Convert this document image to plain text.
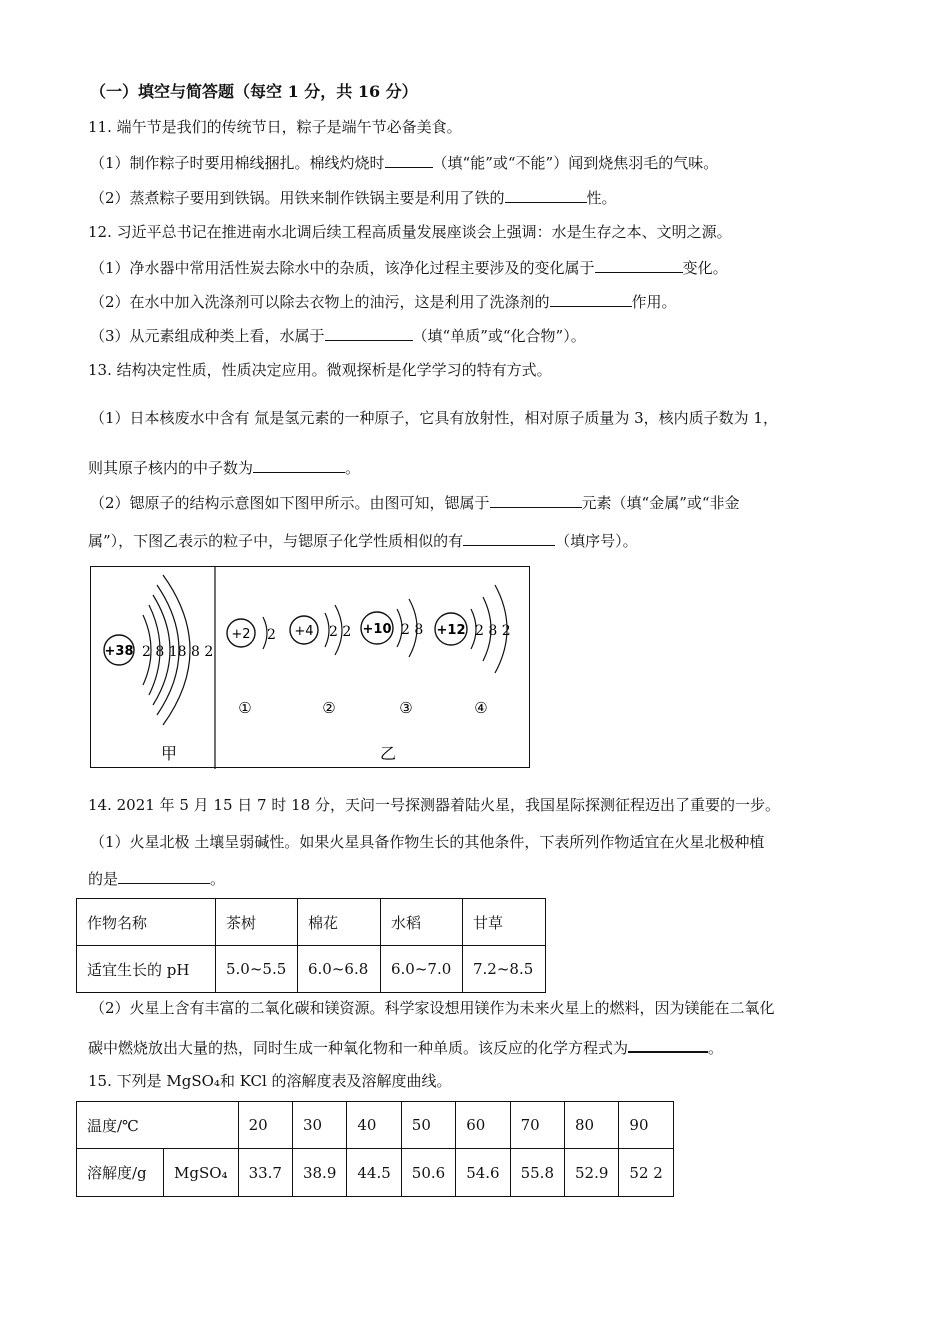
（一）填空与简答题（每空 1 分，共 16 分）
11. 端午节是我们的传统节日，粽子是端午节必备美食。
（1）制作粽子时要用棉线捆扎。棉线灼烧时	（填“能”或“不能”）闻到烧焦羽毛的气味。
（2）蒸煮粽子要用到铁锅。用铁来制作铁锅主要是利用了铁的	性。
12. 习近平总书记在推进南水北调后续工程高质量发展座谈会上强调：水是生存之本、文明之源。
（1）净水器中常用活性炭去除水中的杂质，该净化过程主要涉及的变化属于	变化。
（2）在水中加入洗涤剂可以除去衣物上的油污，这是利用了洗涤剂的	作用。
（3）从元素组成种类上看，水属于	（填“单质”或“化合物”）。
13. 结构决定性质，性质决定应用。微观探析是化学学习的特有方式。
（1）日本核废水中含有 氚是氢元素的一种原子，它具有放射性，相对原子质量为 3，核内质子数为 1，
则其原子核内的中子数为	。
（2）锶原子的结构示意图如下图甲所示。由图可知，锶属于	元素（填“金属”或“非金
属”），下图乙表示的粒子中，与锶原子化学性质相似的有	（填序号）。
+38 2 8 18 8 2
+2 2
①
+4 2 2
②
+10 2 8
③
+12 2 8 2
④
甲	乙
14. 2021 年 5 月 15 日 7 时 18 分，天问一号探测器着陆火星，我国星际探测征程迈出了重要的一步。
（1）火星北极 土壤呈弱碱性。如果火星具备作物生长的其他条件，下表所列作物适宜在火星北极种植
的是	。
作物名称	茶树	棉花	水稻	甘草
适宜生长的 pH	5.0~5.5	6.0~6.8	6.0~7.0	7.2~8.5
（2）火星上含有丰富的二氧化碳和镁资源。科学家设想用镁作为未来火星上的燃料，因为镁能在二氧化
碳中燃烧放出大量的热，同时生成一种氧化物和一种单质。该反应的化学方程式为	。
15. 下列是 MgSO₄和 KCl 的溶解度表及溶解度曲线。
温度/℃		20	30	40	50	60	70	80	90
溶解度/g	MgSO₄	33.7	38.9	44.5	50.6	54.6	55.8	52.9	52 2
